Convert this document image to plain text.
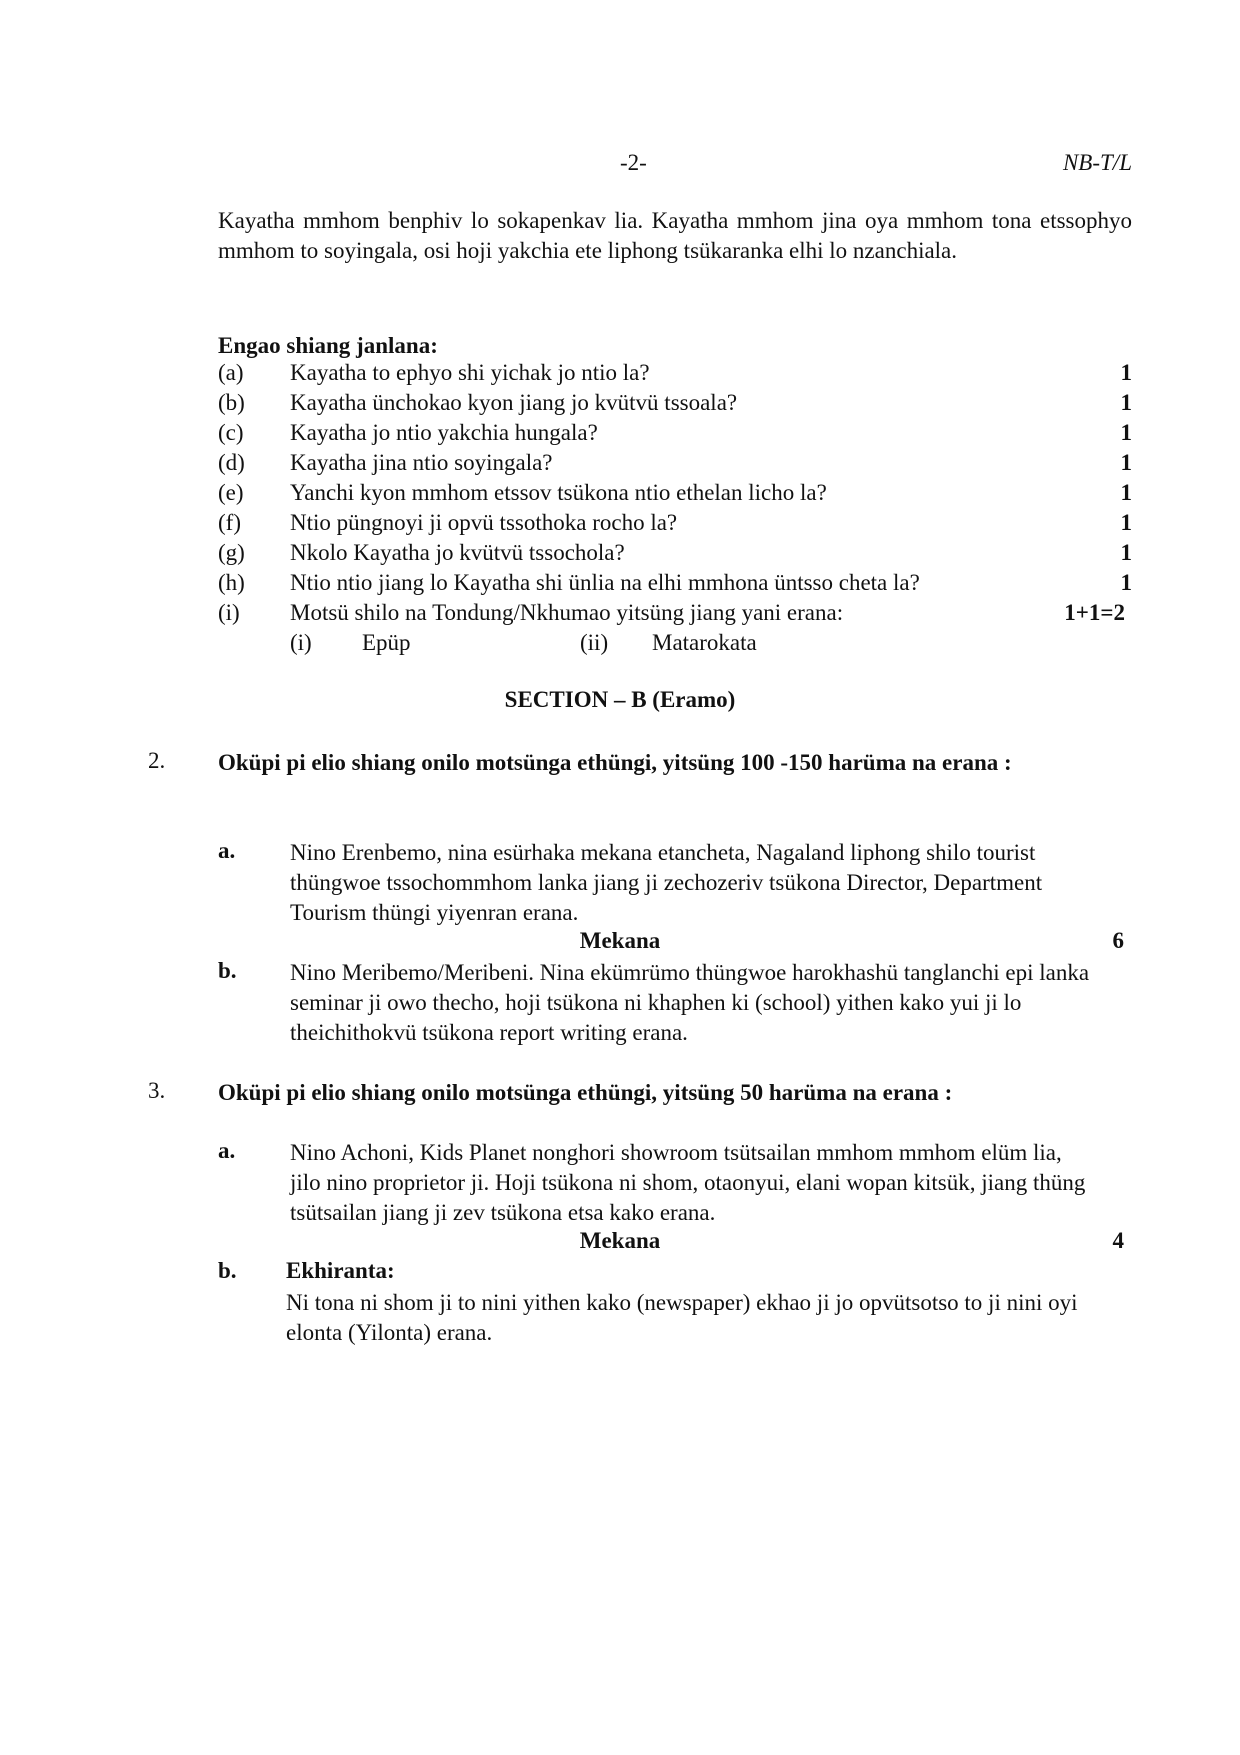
-2-	NB-T/L
Kayatha mmhom benphiv lo sokapenkav lia. Kayatha mmhom jina oya mmhom tona etssophyo mmhom to soyingala, osi hoji yakchia ete liphong tsükaranka elhi lo nzanchiala.
Engao shiang janlana:
(a) Kayatha to ephyo shi yichak jo ntio la?	1
(b) Kayatha ünchokao kyon jiang jo kvütvü tssoala?	1
(c) Kayatha jo ntio yakchia hungala?	1
(d) Kayatha jina ntio soyingala?	1
(e) Yanchi kyon mmhom etssov tsükona ntio ethelan licho la?	1
(f) Ntio püngnoyi ji opvü tssothoka rocho la?	1
(g) Nkolo Kayatha jo kvütvü tssochola?	1
(h) Ntio ntio jiang lo Kayatha shi ünlia na elhi mmhona üntsso cheta la?	1
(i) Motsü shilo na Tondung/Nkhumao yitsüng jiang yani erana:	1+1=2
(i) Epüp	(ii) Matarokata
SECTION – B (Eramo)
2. Oküpi pi elio shiang onilo motsünga ethüngi, yitsüng 100 -150 harüma na erana :
a. Nino Erenbemo, nina esürhaka mekana etancheta, Nagaland liphong shilo tourist thüngwoe tssochommhom lanka jiang ji zechozeriv tsükona Director, Department Tourism thüngi yiyenran erana.
Mekana	6
b. Nino Meribemo/Meribeni. Nina ekümrümo thüngwoe harokhashü tanglanchi epi lanka seminar ji owo thecho, hoji tsükona ni khaphen ki (school) yithen kako yui ji lo theichithokvü tsükona report writing erana.
3. Oküpi pi elio shiang onilo motsünga ethüngi, yitsüng 50 harüma na erana :
a. Nino Achoni, Kids Planet nonghori showroom tsütsailan mmhom mmhom elüm lia, jilo nino proprietor ji. Hoji tsükona ni shom, otaonyui, elani wopan kitsük, jiang thüng tsütsailan jiang ji zev tsükona etsa kako erana.
Mekana	4
b. Ekhiranta:
Ni tona ni shom ji to nini yithen kako (newspaper) ekhao ji jo opvütsotso to ji nini oyi elonta (Yilonta) erana.
